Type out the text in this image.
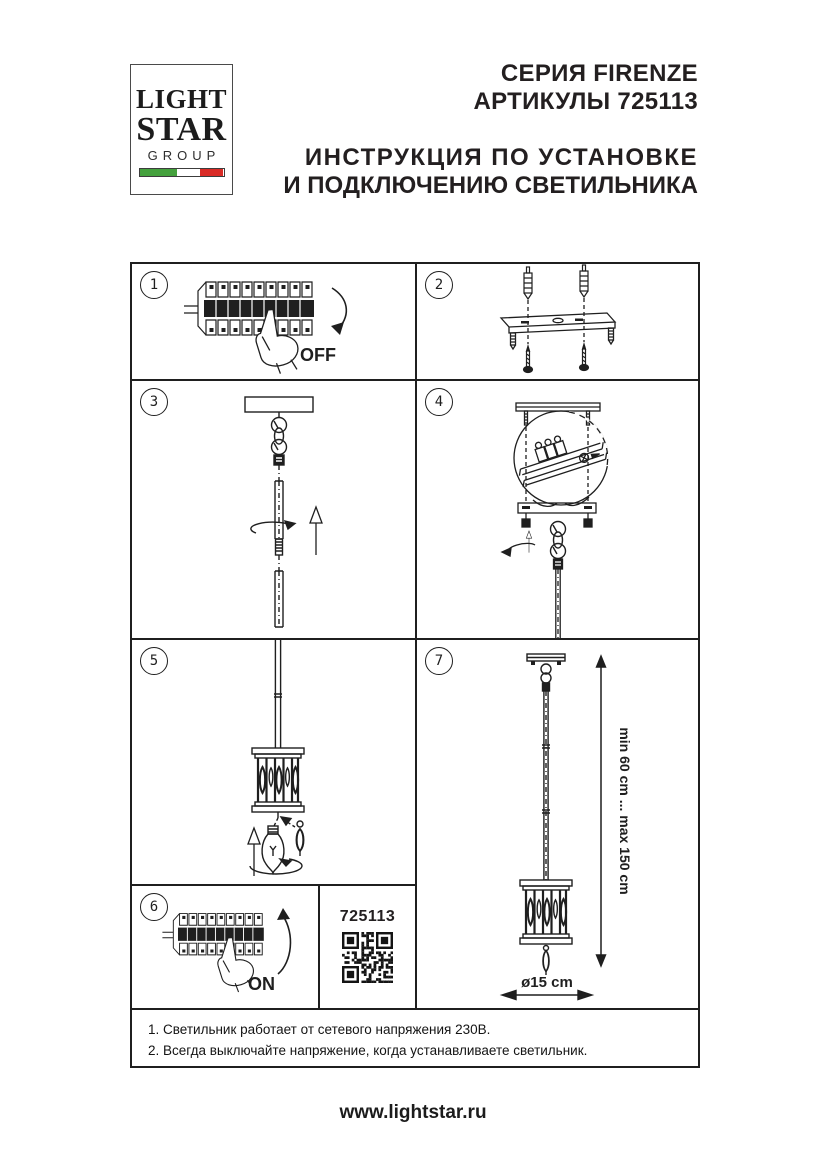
LIGHT
STAR
GROUP
СЕРИЯ FIRENZE
АРТИКУЛЫ 725113
ИНСТРУКЦИЯ ПО УСТАНОВКЕ
И ПОДКЛЮЧЕНИЮ СВЕТИЛЬНИКА
1
OFF
2
3	4
5	7
min 60 cm ... max 150 cm
ø15 cm
6
ON
725113
1. Светильник работает от сетевого напряжения 230В.
2. Всегда выключайте напряжение, когда устанавливаете светильник.
www.lightstar.ru
